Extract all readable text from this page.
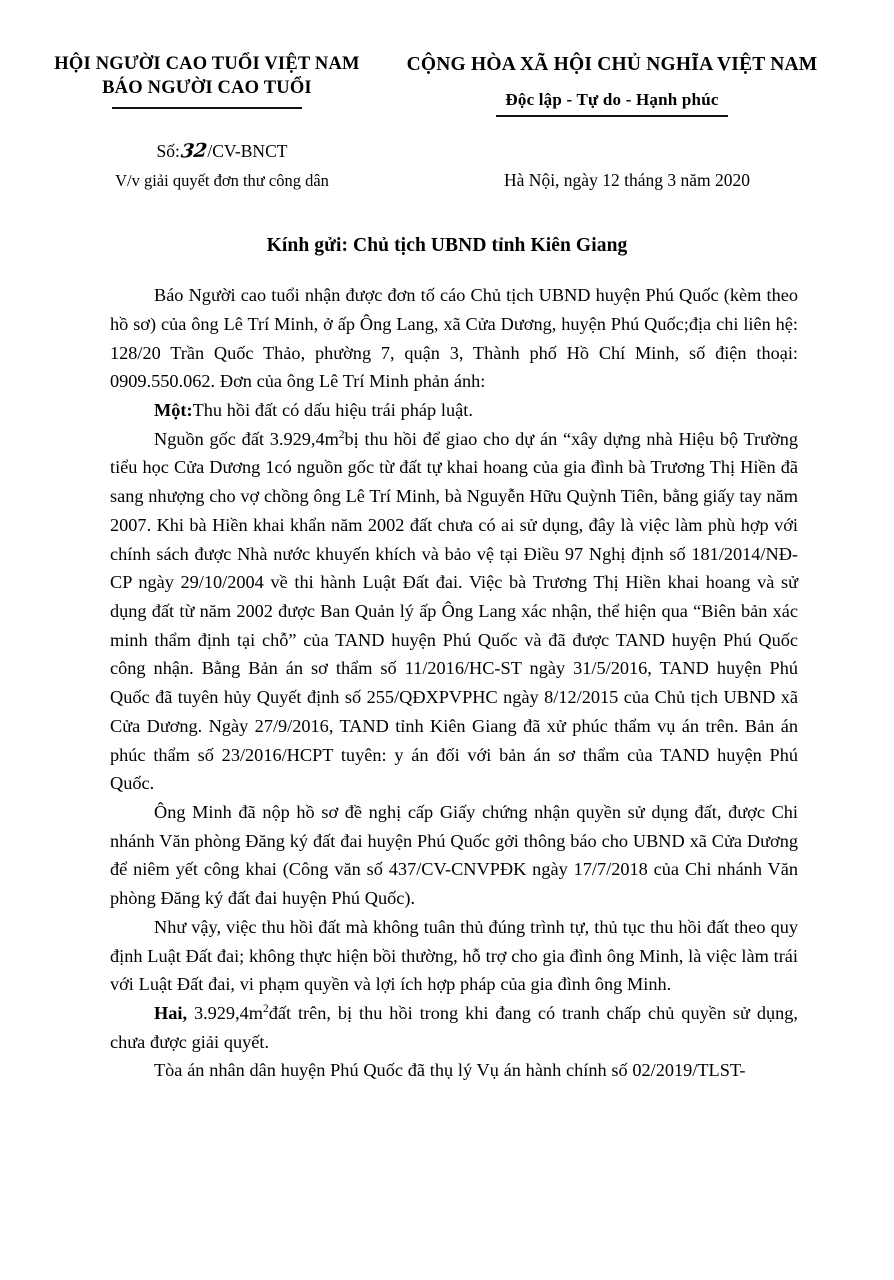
HỘI NGƯỜI CAO TUỔI VIỆT NAM
BÁO NGƯỜI CAO TUỔI
CỘNG HÒA XÃ HỘI CHỦ NGHĨA VIỆT NAM
Độc lập - Tự do - Hạnh phúc
Số:32/CV-BNCT
V/v giải quyết đơn thư công dân	Hà Nội, ngày 12 tháng 3 năm 2020
Kính gửi: Chủ tịch UBND tỉnh Kiên Giang

Báo Người cao tuổi nhận được đơn tố cáo Chủ tịch UBND huyện Phú Quốc (kèm theo hồ sơ) của ông Lê Trí Minh, ở ấp Ông Lang, xã Cửa Dương, huyện Phú Quốc;địa chi liên hệ: 128/20 Trần Quốc Thảo, phường 7, quận 3, Thành phố Hồ Chí Minh, số điện thoại: 0909.550.062. Đơn của ông Lê Trí Minh phản ánh:

Một:Thu hồi đất có dấu hiệu trái pháp luật.

Nguồn gốc đất $3.929,4m^2bị$ thu hồi để giao cho dự án “xây dựng nhà Hiệu bộ Trường tiểu học Cửa Dương 1có nguồn gốc từ đất tự khai hoang của gia đình bà Trương Thị Hiền đã sang nhượng cho vợ chồng ông Lê Trí Minh, bà Nguyễn Hữu Quỳnh Tiên, bằng giấy tay năm 2007. Khi bà Hiền khai khẩn năm 2002 đất chưa có ai sử dụng, đây là việc làm phù hợp với chính sách được Nhà nước khuyến khích và bảo vệ tại Điều 97 Nghị định số 181/2014/NĐ-CP ngày 29/10/2004 về thi hành Luật Đất đai. Việc bà Trương Thị Hiền khai hoang và sử dụng đất từ năm 2002 được Ban Quản lý ấp Ông Lang xác nhận, thể hiện qua “Biên bản xác minh thẩm định tại chỗ” của TAND huyện Phú Quốc và đã được TAND huyện Phú Quốc công nhận. Bằng Bản án sơ thẩm số 11/2016/HC-ST ngày 31/5/2016, TAND huyện Phú Quốc đã tuyên hủy Quyết định số 255/QĐXPVPHC ngày 8/12/2015 của Chủ tịch UBND xã Cửa Dương. Ngày 27/9/2016, TAND tỉnh Kiên Giang đã xử phúc thẩm vụ án trên. Bản án phúc thẩm số 23/2016/HCPT tuyên: y án đối với bản án sơ thẩm của TAND huyện Phú Quốc.

Ông Minh đã nộp hồ sơ đề nghị cấp Giấy chứng nhận quyền sử dụng đất, được Chi nhánh Văn phòng Đăng ký đất đai huyện Phú Quốc gởi thông báo cho UBND xã Cửa Dương để niêm yết công khai (Công văn số 437/CV-CNVPĐK ngày 17/7/2018 của Chi nhánh Văn phòng Đăng ký đất đai huyện Phú Quốc).

Như vậy, việc thu hồi đất mà không tuân thủ đúng trình tự, thủ tục thu hồi đất theo quy định Luật Đất đai; không thực hiện bồi thường, hỗ trợ cho gia đình ông Minh, là việc làm trái với Luật Đất đai, vi phạm quyền và lợi ích hợp pháp của gia đình ông Minh.

Hai, $3.929,4m^2đất$ trên, bị thu hồi trong khi đang có tranh chấp chủ quyền sử dụng, chưa được giải quyết.

Tòa án nhân dân huyện Phú Quốc đã thụ lý Vụ án hành chính số 02/2019/TLST-
